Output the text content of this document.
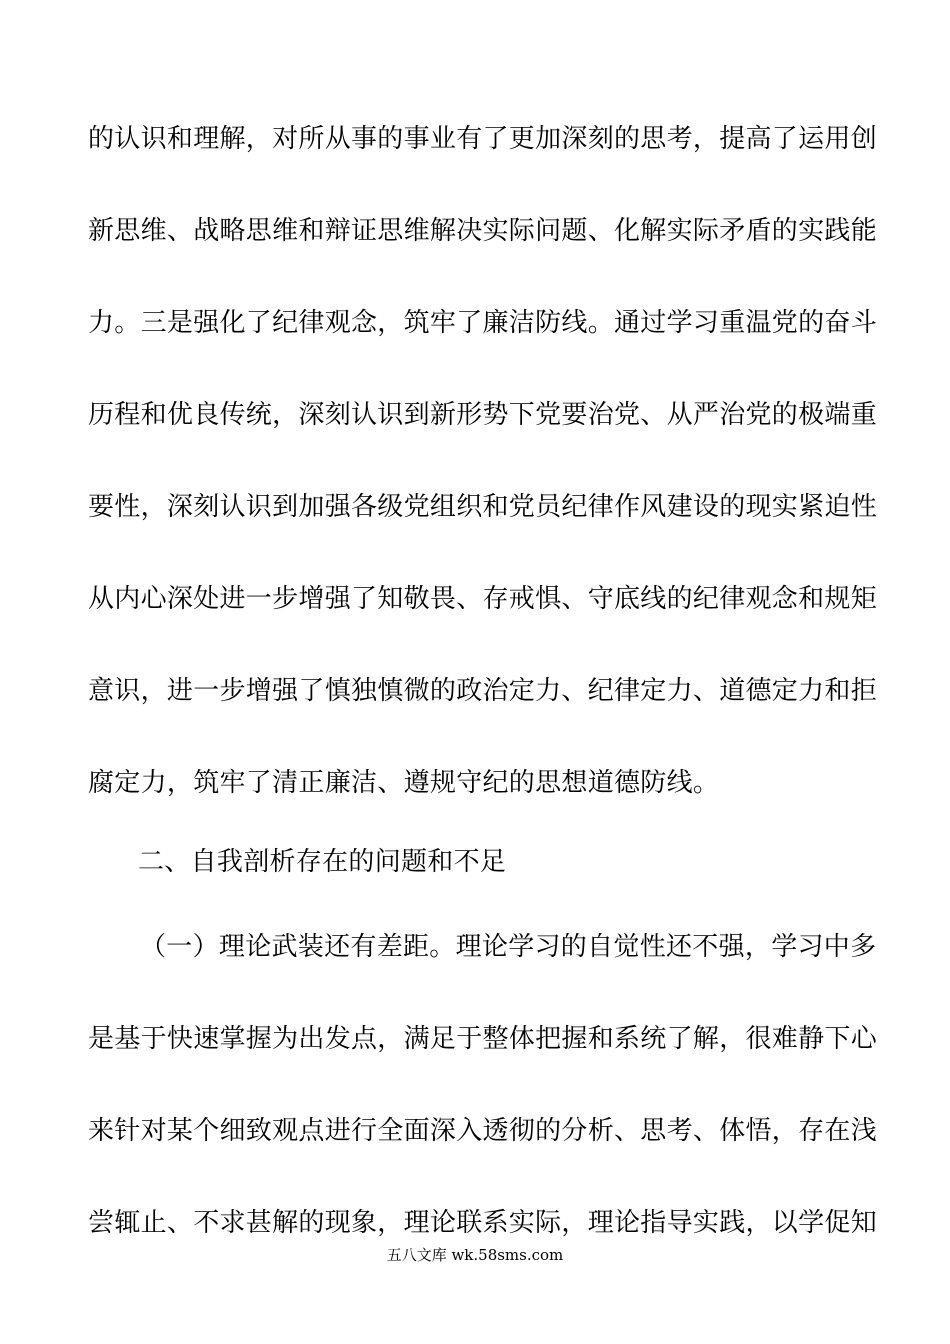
的认识和理解，对所从事的事业有了更加深刻的思考，提高了运用创
新思维、战略思维和辩证思维解决实际问题、化解实际矛盾的实践能
力。三是强化了纪律观念，筑牢了廉洁防线。通过学习重温党的奋斗
历程和优良传统，深刻认识到新形势下党要治党、从严治党的极端重
要性，深刻认识到加强各级党组织和党员纪律作风建设的现实紧迫性
从内心深处进一步增强了知敬畏、存戒惧、守底线的纪律观念和规矩
意识，进一步增强了慎独慎微的政治定力、纪律定力、道德定力和拒
腐定力，筑牢了清正廉洁、遵规守纪的思想道德防线。
二、自我剖析存在的问题和不足
（一）理论武装还有差距。理论学习的自觉性还不强，学习中多
是基于快速掌握为出发点，满足于整体把握和系统了解，很难静下心
来针对某个细致观点进行全面深入透彻的分析、思考、体悟，存在浅
尝辄止、不求甚解的现象，理论联系实际，理论指导实践，以学促知
五八文库 wk.58sms.com
